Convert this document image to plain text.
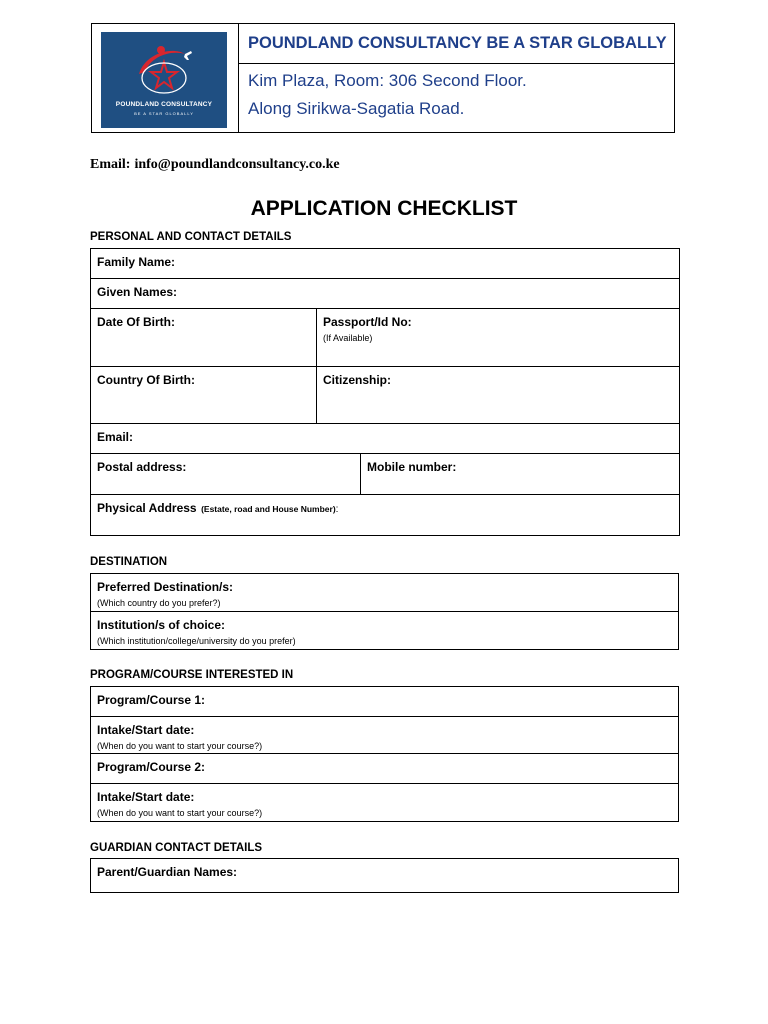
POUNDLAND CONSULTANCY
BE A STAR GLOBALLY
POUNDLAND CONSULTANCY BE A STAR GLOBALLY
Kim Plaza, Room: 306 Second Floor.
Along Sirikwa-Sagatia Road.
Email: info@poundlandconsultancy.co.ke
APPLICATION CHECKLIST
PERSONAL AND CONTACT DETAILS
Family Name:		
Given Names:		
Date Of Birth:	Passport/Id No:
(If Available)	

Country Of Birth:	Citizenship:	
Email:		
Postal address:		Mobile number:
Physical Address (Estate, road and House Number):		
DESTINATION
Preferred Destination/s:
(Which country do you prefer?)

Institution/s of choice:
(Which institution/college/university do you prefer)
PROGRAM/COURSE INTERESTED IN
Program/Course 1:
Intake/Start date:
(When do you want to start your course?)

Program/Course 2:
Intake/Start date:
(When do you want to start your course?)
GUARDIAN CONTACT DETAILS
Parent/Guardian Names:
